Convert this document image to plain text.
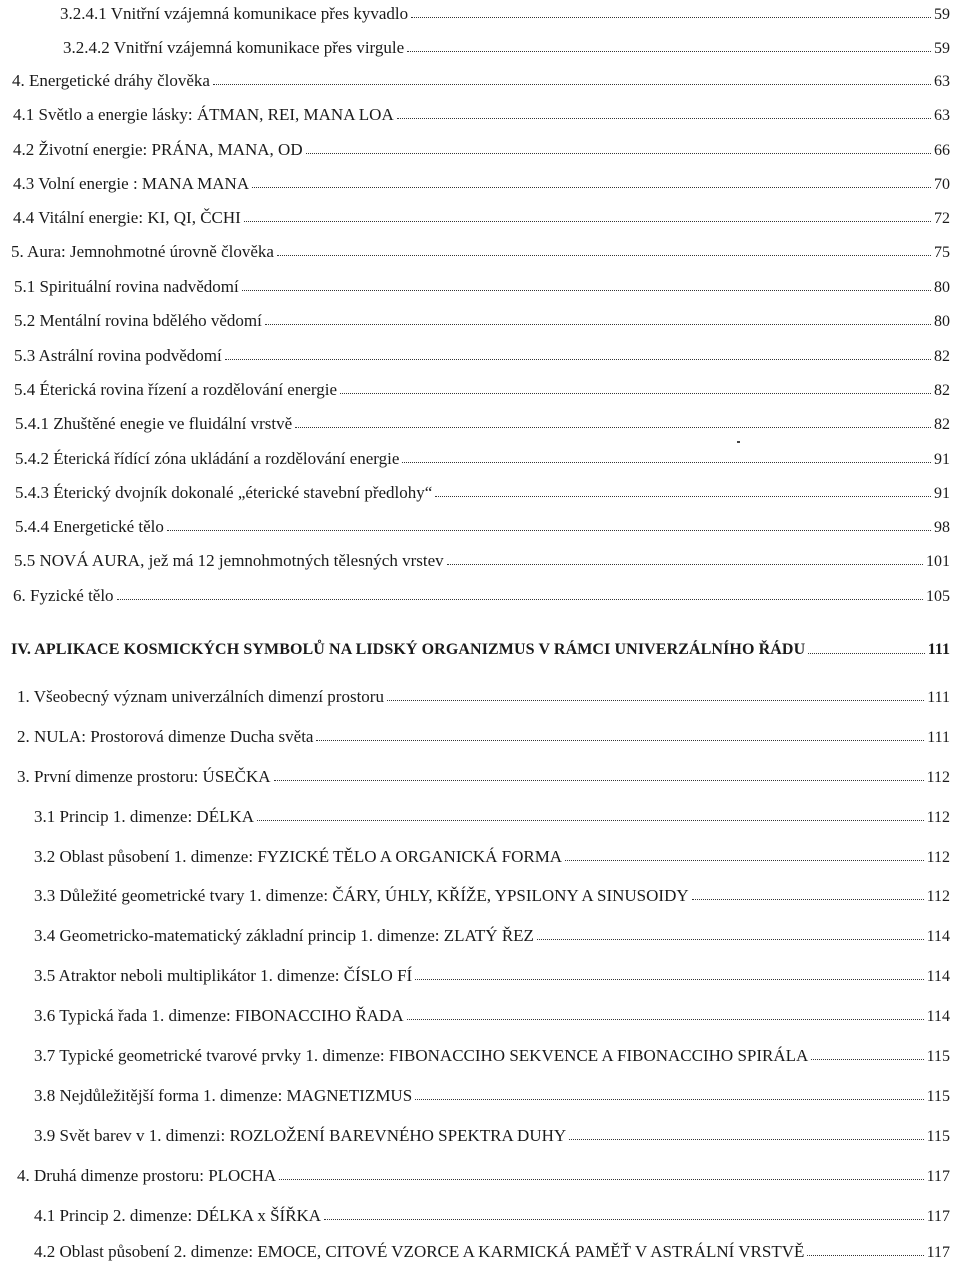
3.2.4.1 Vnitřní vzájemná komunikace přes kyvadlo	59
3.2.4.2 Vnitřní vzájemná komunikace přes virgule	59
4. Energetické dráhy člověka	63
4.1 Světlo a energie lásky: ÁTMAN, REI, MANA LOA	63
4.2 Životní energie: PRÁNA, MANA, OD	66
4.3 Volní energie : MANA MANA	70
4.4 Vitální energie: KI, QI, ČCHI	72
5. Aura: Jemnohmotné úrovně člověka	75
5.1 Spirituální rovina nadvědomí	80
5.2 Mentální rovina bdělého vědomí	80
5.3 Astrální rovina podvědomí	82
5.4 Éterická rovina řízení a rozdělování energie	82
5.4.1 Zhuštěné enegie ve fluidální vrstvě	82
5.4.2 Éterická řídící zóna ukládání a rozdělování energie	91
5.4.3 Éterický dvojník dokonalé „éterické stavební předlohy“	91
5.4.4 Energetické tělo	98
5.5 NOVÁ AURA, jež má 12 jemnohmotných tělesných vrstev	101
6. Fyzické tělo	105
IV. APLIKACE KOSMICKÝCH SYMBOLŮ NA LIDSKÝ ORGANIZMUS V RÁMCI UNIVERZÁLNÍHO ŘÁDU	111
1. Všeobecný význam univerzálních dimenzí prostoru	111
2. NULA: Prostorová dimenze Ducha světa	111
3. První dimenze prostoru: ÚSEČKA	112
3.1 Princip 1. dimenze: DÉLKA	112
3.2 Oblast působení 1. dimenze: FYZICKÉ TĚLO A ORGANICKÁ FORMA	112
3.3 Důležité geometrické tvary 1. dimenze: ČÁRY, ÚHLY, KŘÍŽE, YPSILONY A SINUSOIDY	112
3.4 Geometricko-matematický základní princip 1. dimenze: ZLATÝ ŘEZ	114
3.5 Atraktor neboli multiplikátor 1. dimenze: ČÍSLO FÍ	114
3.6 Typická řada 1. dimenze: FIBONACCIHO ŘADA	114
3.7 Typické geometrické tvarové prvky 1. dimenze: FIBONACCIHO SEKVENCE A FIBONACCIHO SPIRÁLA	115
3.8 Nejdůležitější forma 1. dimenze: MAGNETIZMUS	115
3.9 Svět barev v 1. dimenzi: ROZLOŽENÍ BAREVNÉHO SPEKTRA DUHY	115
4. Druhá dimenze prostoru: PLOCHA	117
4.1 Princip 2. dimenze: DÉLKA x ŠÍŘKA	117
4.2 Oblast působení 2. dimenze: EMOCE, CITOVÉ VZORCE A KARMICKÁ PAMĚŤ V ASTRÁLNÍ VRSTVĚ	117
